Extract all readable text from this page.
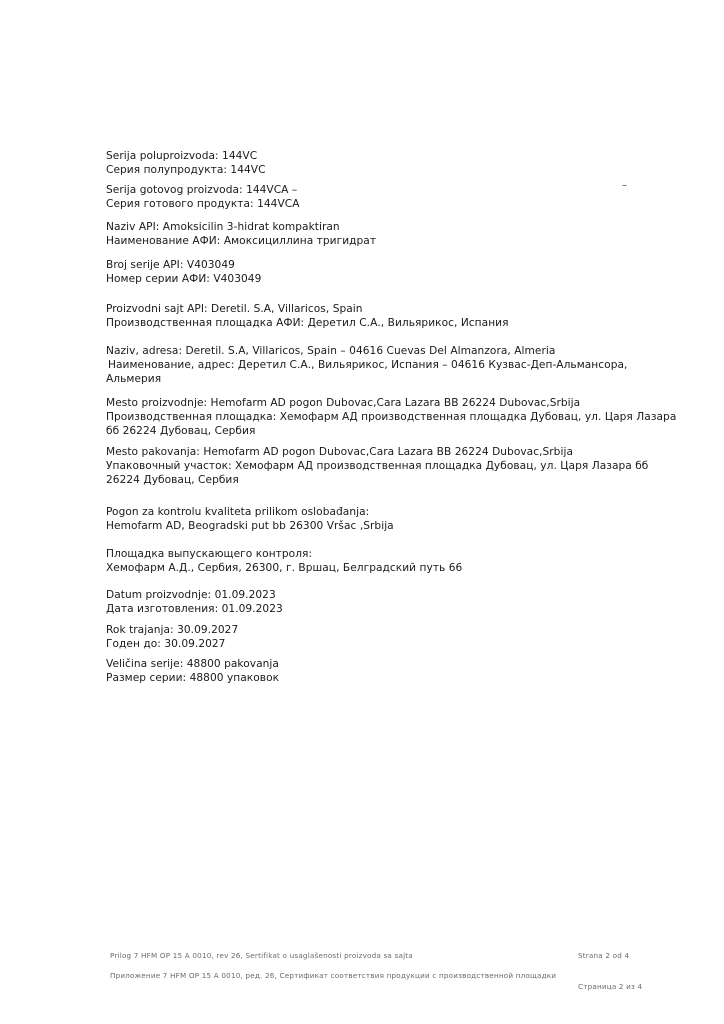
Serija poluproizvoda: 144VC
Серия полупродукта: 144VC
Serija gotovog proizvoda: 144VCA –
Серия готового продукта: 144VCA
–
Naziv API: Amoksicilin 3-hidrat kompaktiran
Наименование АФИ: Амоксициллина тригидрат
Broj serije API: V403049
Номер серии АФИ: V403049
Proizvodni sajt API: Deretil. S.A, Villaricos, Spain
Производственная площадка АФИ: Деретил С.А., Вильярикос, Испания
Naziv, adresa: Deretil. S.A, Villaricos, Spain – 04616 Cuevas Del Almanzora, Almeria
Наименование, адрес: Деретил С.А., Вильярикос, Испания – 04616 Кузвас-Деп-Альмансора,
Альмерия
Mesto proizvodnje: Hemofarm AD pogon Dubovac,Cara Lazara BB 26224 Dubovac,Srbija
Производственная площадка: Хемофарм АД производственная площадка Дубовац, ул. Царя Лазара
бб 26224 Дубовац, Сербия
Mesto pakovanja: Hemofarm AD pogon Dubovac,Cara Lazara BB 26224 Dubovac,Srbija
Упаковочный участок: Хемофарм АД производственная площадка Дубовац, ул. Царя Лазара бб
26224 Дубовац, Сербия
Pogon za kontrolu kvaliteta prilikom oslobađanja:
Hemofarm AD, Beogradski put bb 26300 Vršac ,Srbija
Площадка выпускающего контроля:
Хемофарм А.Д., Сербия, 26300, г. Вршац, Белградский путь 66
Datum proizvodnje: 01.09.2023
Дата изготовления: 01.09.2023
Rok trajanja: 30.09.2027
Годен до: 30.09.2027
Veličina serije: 48800 pakovanja
Размер серии: 48800 упаковок
Prilog 7 HFM OP 15 A 0010, rev 26, Sertifikat o usaglašenosti proizvoda sa sajta	Strana 2 od 4
Приложение 7 HFM OP 15 A 0010, ред. 26, Сертификат соответствия продукции с производственной площадки
Страница 2 из 4
